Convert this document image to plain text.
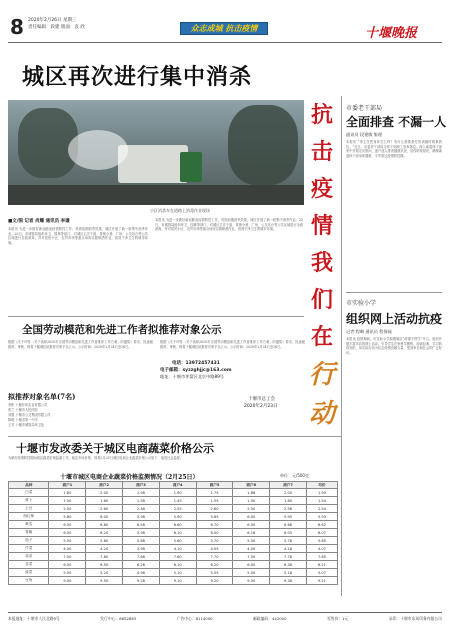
8 2020年2月26日 星期三
责任编辑：段建 版面：袁 欣	众志成城 抗击疫情	十堰晚报
城区再次进行集中消杀
小区消杀车在道路上消毒作业现场
■文/图 记者 肖耀 通讯员 李谦
本报讯 为进一步做好新冠肺炎疫情防控工作，巩固前期消杀效果，城区开展了新一轮集中消杀作业。25日，市城管局组织环卫、园林等部门，对城区主次干道、背街小巷、广场、公交站台等公共区域进行全面消毒，并对居民小区、农贸市场等重点场所实施喷洒作业，营造干净卫生的城市环境。
本报讯 为进一步做好新冠肺炎疫情防控工作，巩固前期消杀效果，城区开展了新一轮集中消杀作业。25日，市城管局组织环卫、园林等部门，对城区主次干道、背街小巷、广场、公交站台等公共区域进行全面消毒，并对居民小区、农贸市场等重点场所实施喷洒作业，营造干净卫生的城市环境。
抗
击
疫
情
我
们
在
行
动
市委老干部局
全面排查 不漏一人
通讯员 段建敏 集理
本报讯 “李主任您身体怎么样？有什么需要帮忙的请随时联系我们。”近日，市委老干部局全体干部职工放弃休息，深入离退休干部家中开展走访慰问，逐户逐人排查健康状况，宣传防疫知识，确保离退休干部身体健康、平安度过疫情防控期。
市实验小学
组织网上活动抗疫
记者 程琳 通讯员 程保禄
本报讯 疫情期间，市实验小学积极响应“停课不停学”号召，组织开展丰富多彩的网上活动，引导学生在家科学锻炼、阅读经典、学习防疫知识，用实际行动为抗击疫情贡献力量，受到家长和社会的广泛好评。
全国劳动模范和先进工作者拟推荐对象公示
根据《关于印发〈关于表彰2020年全国劳动模范和先进工作者推荐工作方案〉的通知》要求，经逐级推荐、审核，现将十堰城区拟推荐对象予以公示。公示时间：2020年2月24日至28日。
根据《关于印发〈关于表彰2020年全国劳动模范和先进工作者推荐工作方案〉的通知》要求，经逐级推荐、审核，现将十堰城区拟推荐对象予以公示。公示时间：2020年2月24日至28日。
电话：13972457431
电子邮箱：syzzghjjc@163.com
地址：十堰市茅箭区北京中路89号
十堰市总工会
2020年2月23日
拟推荐对象名单(7名)
李彬 十堰东风实业有限公司
张兰 十堰市人民医院
刘强 十堰市公交集团有限公司
陈明 十堰市第一中学
王芳 十堰市城管局环卫处
十堰市发改委关于城区电商蔬菜价格公示
为做好疫情防控期间城区蔬菜价格监测工作，稳定市场价格，现将2月25日城区电商企业蔬菜价格公示如下，接受社会监督。
十堰市城区电商企业蔬菜价格监测情况（2月25日）	单位：元/500克
品种	商户1	商户2	商户3	商户4	商户5	商户6	商户7	均价
白菜	1.80	2.00	1.98	1.90	1.75	1.88	2.00	1.90
萝卜	1.50	1.60	1.58	1.45	1.55	1.50	1.60	1.54
土豆	2.50	2.60	2.48	2.55	2.60	2.50	2.58	2.54
西红柿	5.80	6.00	5.98	5.90	5.85	6.00	5.95	5.93
黄瓜	6.50	6.80	6.58	6.60	6.70	6.50	6.68	6.62
青椒	6.00	6.20	5.98	6.10	6.00	6.18	6.05	6.07
茄子	5.50	5.80	5.68	5.60	5.70	5.50	5.78	5.65
芹菜	4.00	4.20	3.98	4.10	4.05	4.00	4.18	4.07
蒜苗	7.50	7.80	7.68	7.60	7.70	7.50	7.78	7.65
韭菜	6.00	6.50	6.28	6.10	6.20	6.00	6.38	6.21
菠菜	5.00	5.20	4.98	5.10	5.05	5.00	5.18	5.07
豆角	9.00	9.50	9.28	9.10	9.20	9.00	9.38	9.21
本报地址：十堰市人民北路9号	发行中心：8652863	广告中心：8114000	邮政编码：442000	零售价：1元	承印：十堰市东风印务有限公司
